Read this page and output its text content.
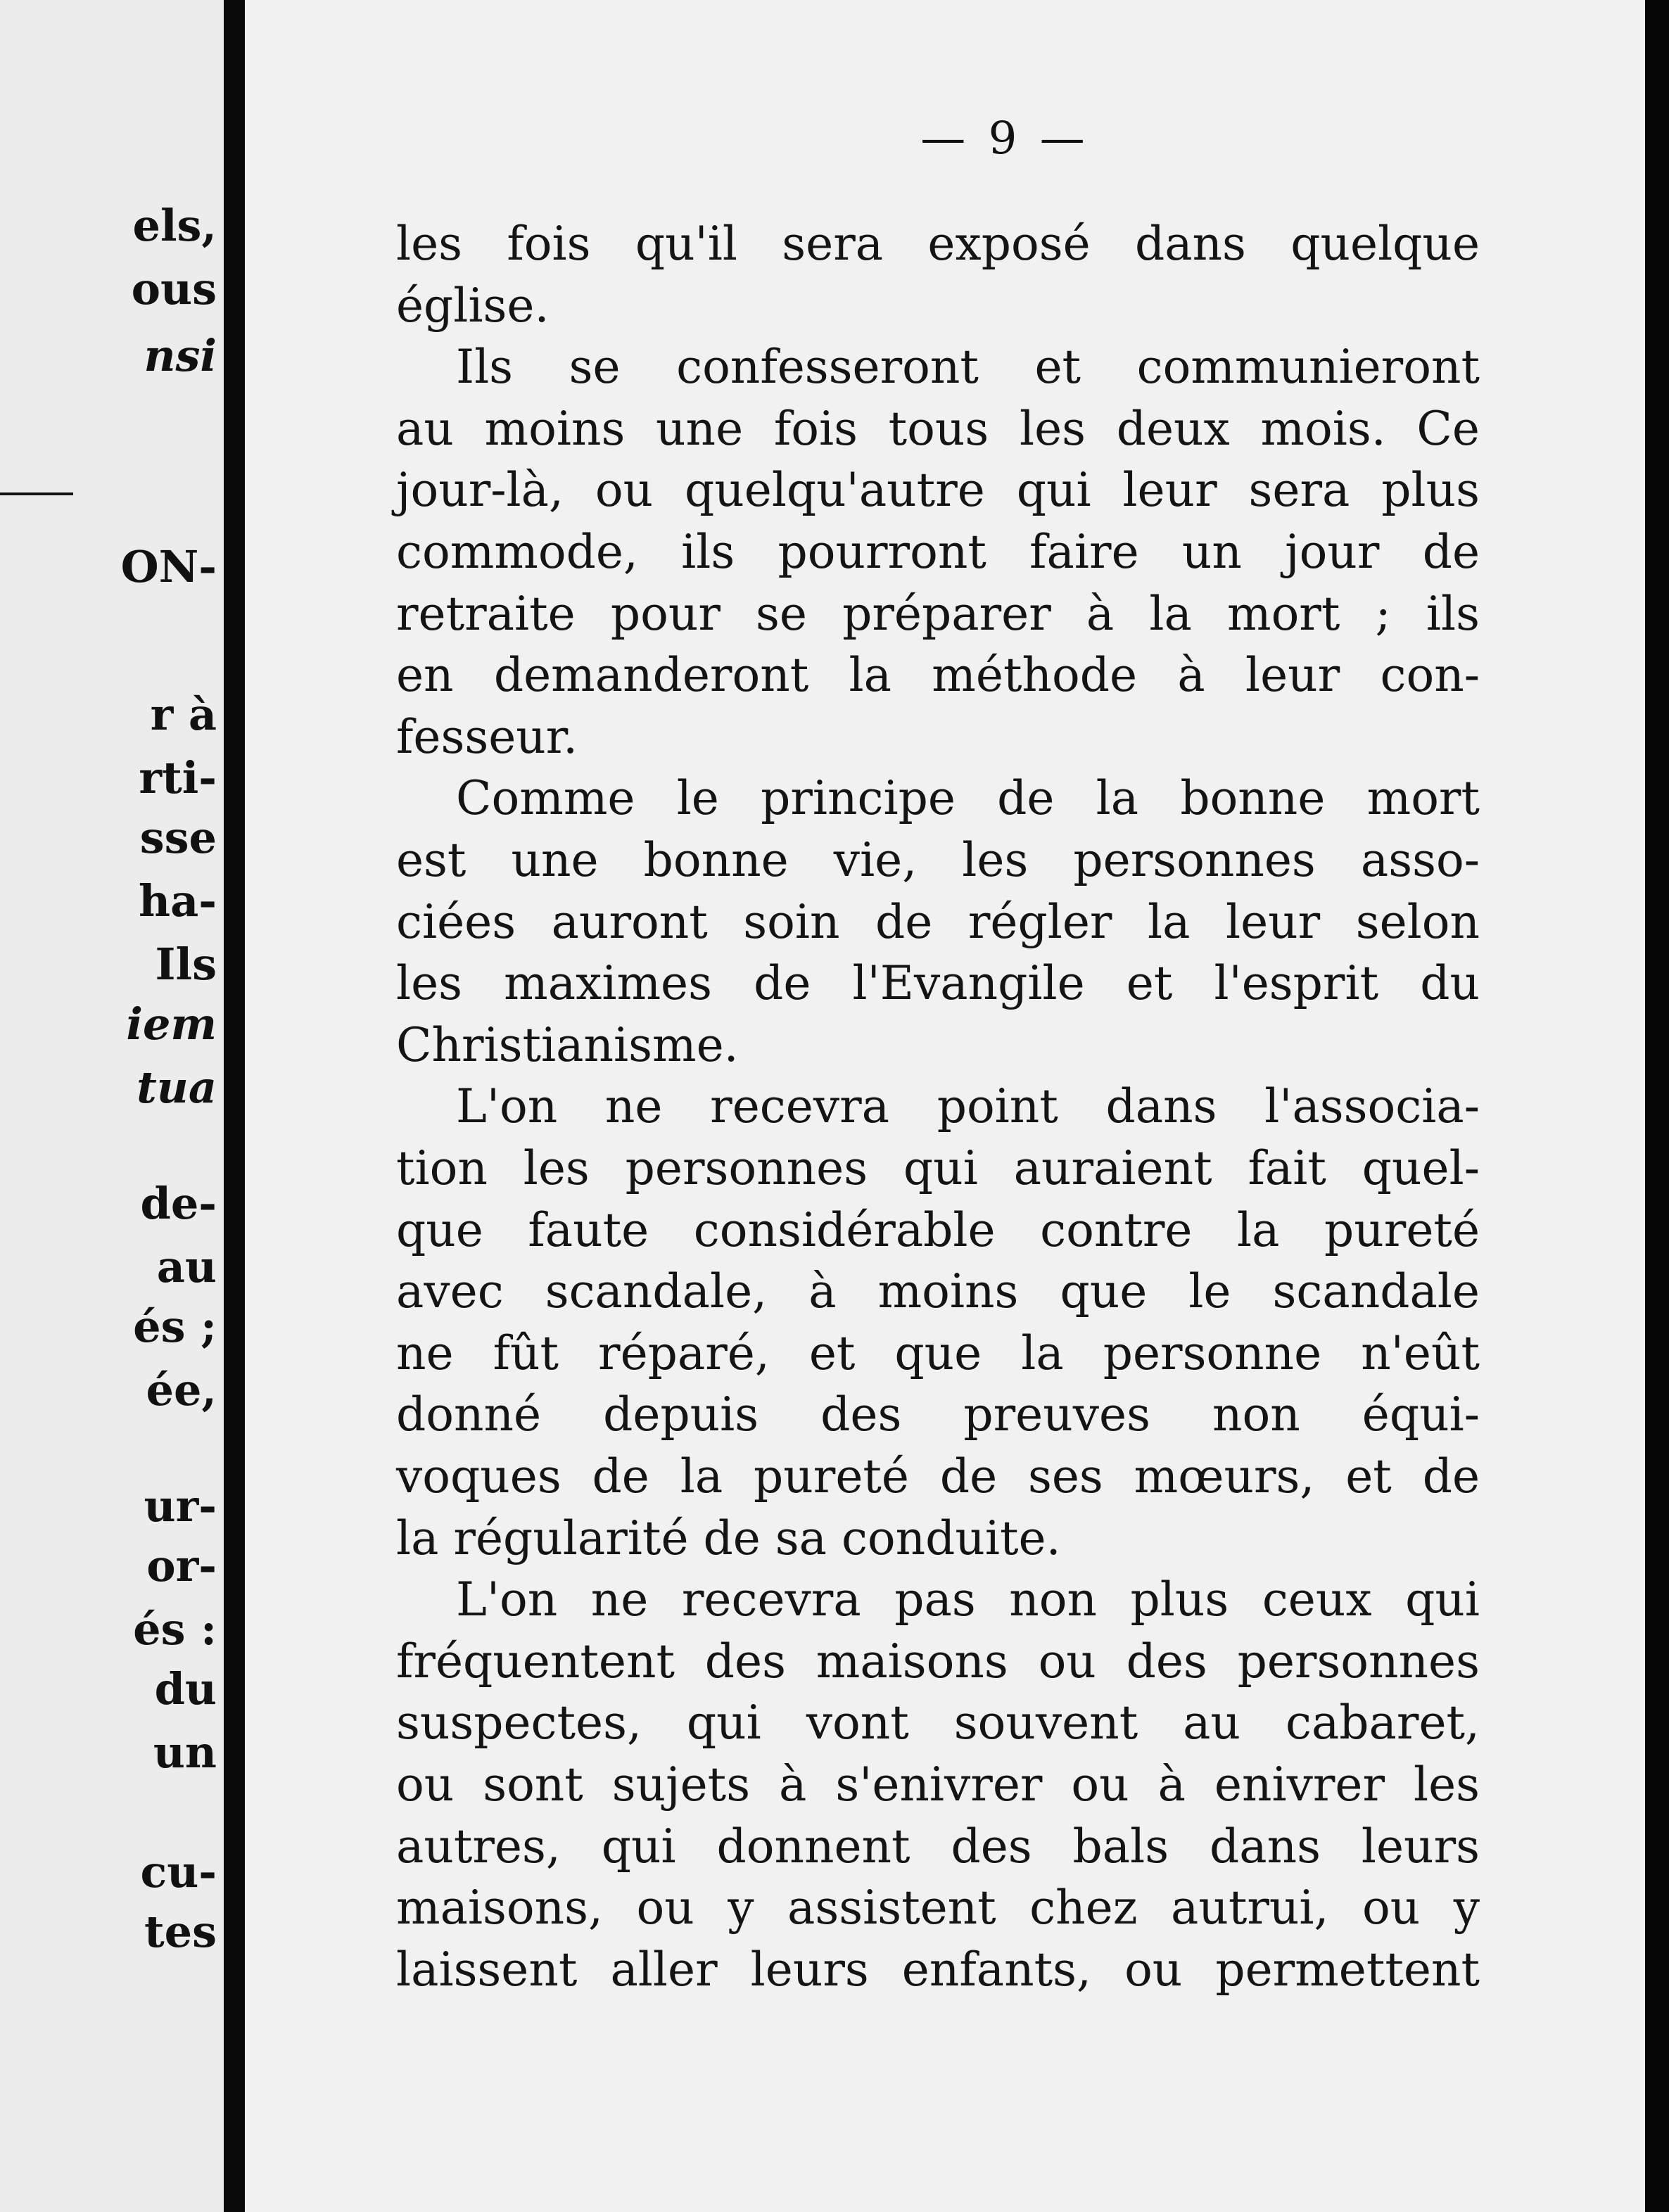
els,
ous
nsi
ON-
r à
rti-
sse
ha-
Ils
iem
tua
de-
au
és ;
ée,
ur-
or-
és :
du
un
cu-
tes
— 9 —
les fois qu'il sera exposé dans quelque
église.
Ils se confesseront et communieront
au moins une fois tous les deux mois. Ce
jour-là, ou quelqu'autre qui leur sera plus
commode, ils pourront faire un jour de
retraite pour se préparer à la mort ; ils
en demanderont la méthode à leur con-
fesseur.
Comme le principe de la bonne mort
est une bonne vie, les personnes asso-
ciées auront soin de régler la leur selon
les maximes de l'Evangile et l'esprit du
Christianisme.
L'on ne recevra point dans l'associa-
tion les personnes qui auraient fait quel-
que faute considérable contre la pureté
avec scandale, à moins que le scandale
ne fût réparé, et que la personne n'eût
donné depuis des preuves non équi-
voques de la pureté de ses mœurs, et de
la régularité de sa conduite.
L'on ne recevra pas non plus ceux qui
fréquentent des maisons ou des personnes
suspectes, qui vont souvent au cabaret,
ou sont sujets à s'enivrer ou à enivrer les
autres, qui donnent des bals dans leurs
maisons, ou y assistent chez autrui, ou y
laissent aller leurs enfants, ou permettent
